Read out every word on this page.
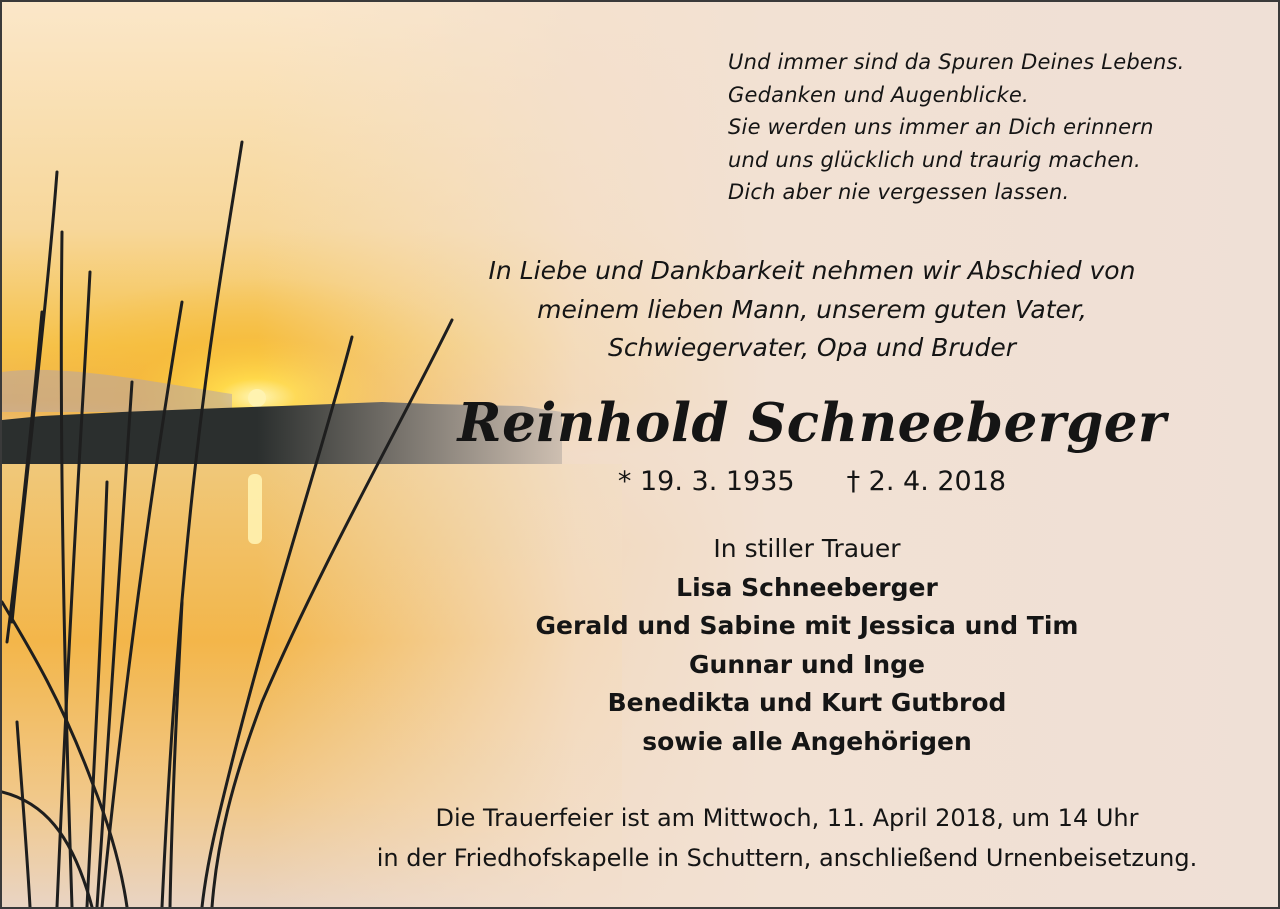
Und immer sind da Spuren Deines Lebens.
Gedanken und Augenblicke.
Sie werden uns immer an Dich erinnern
und uns glücklich und traurig machen.
Dich aber nie vergessen lassen.
In Liebe und Dankbarkeit nehmen wir Abschied von
meinem lieben Mann, unserem guten Vater,
Schwiegervater, Opa und Bruder
Reinhold Schneeberger
* 19. 3. 1935 † 2. 4. 2018
In stiller Trauer
Lisa Schneeberger
Gerald und Sabine mit Jessica und Tim
Gunnar und Inge
Benedikta und Kurt Gutbrod
sowie alle Angehörigen
Die Trauerfeier ist am Mittwoch, 11. April 2018, um 14 Uhr
in der Friedhofskapelle in Schuttern, anschließend Urnenbeisetzung.
